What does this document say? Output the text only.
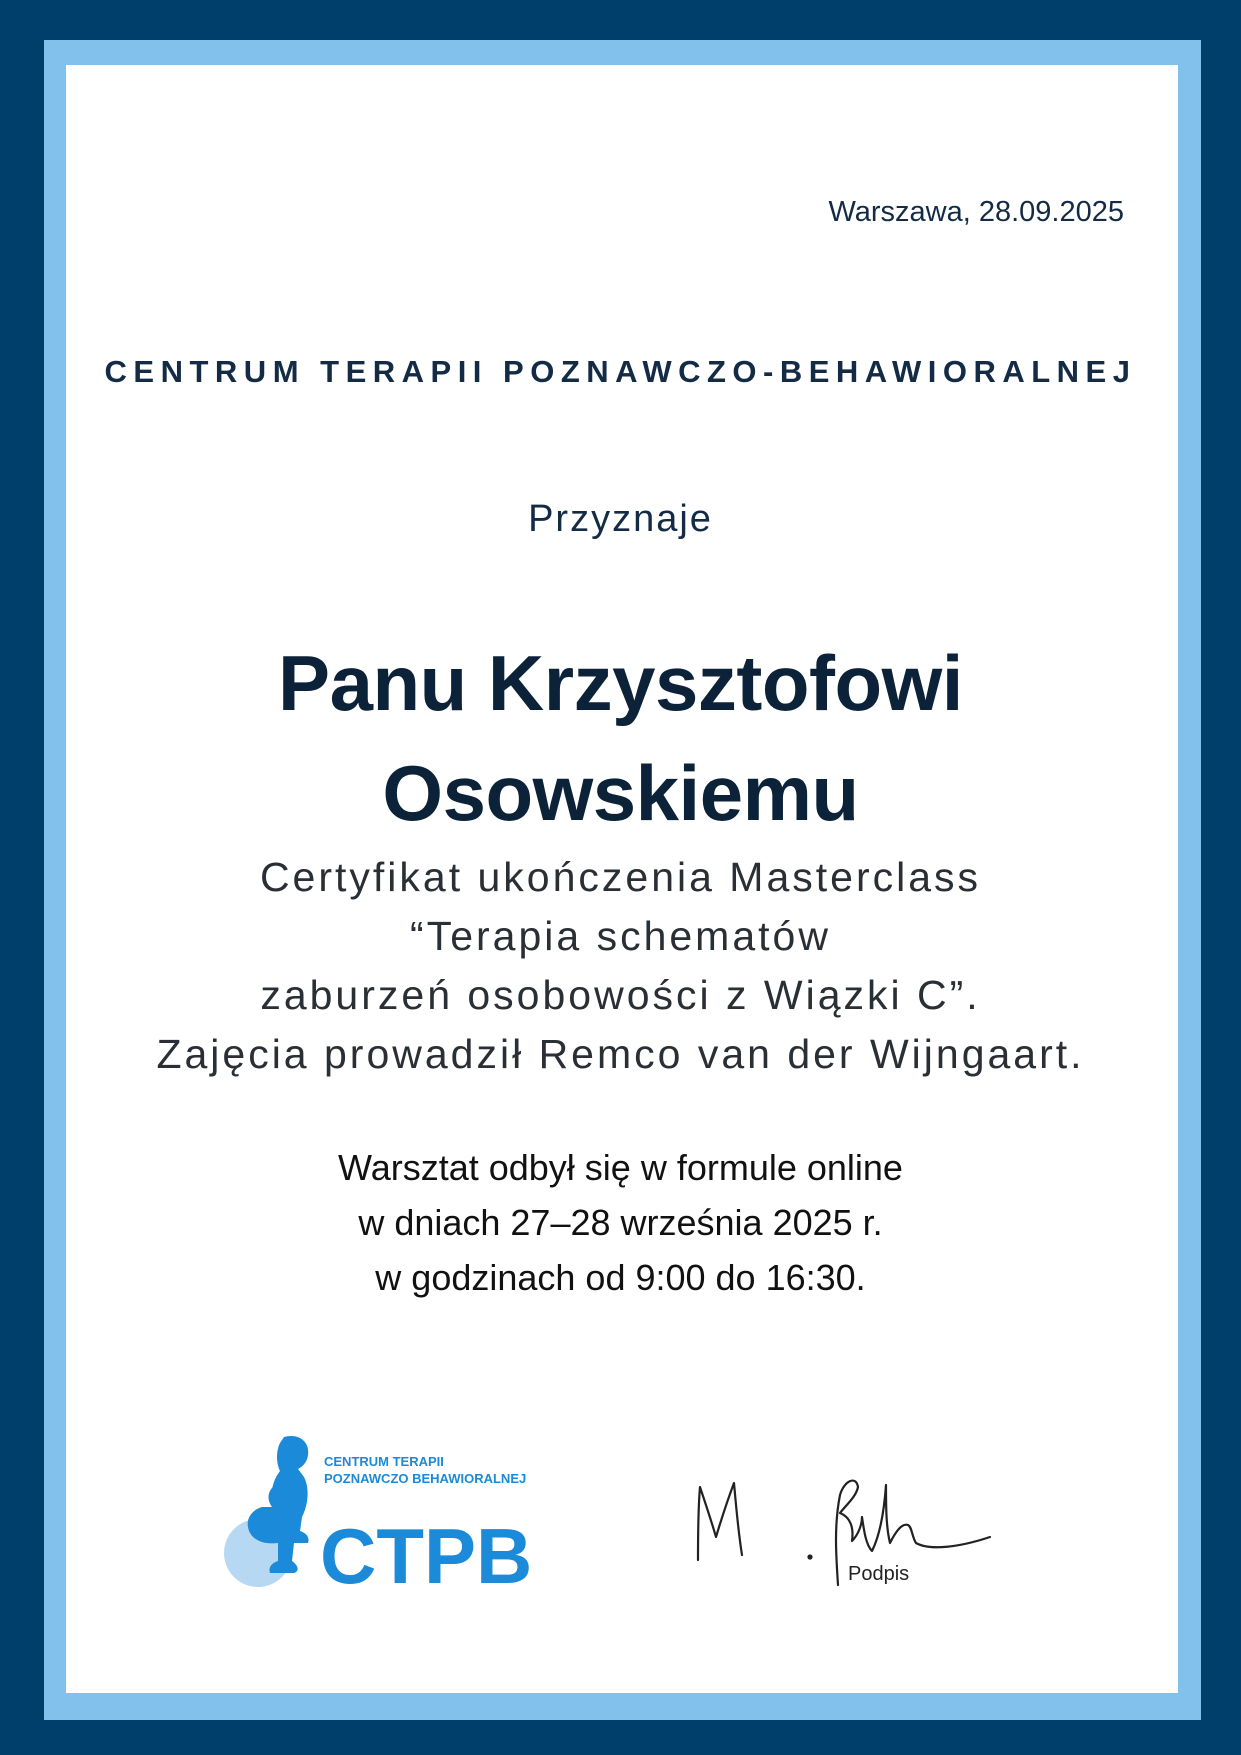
Warszawa, 28.09.2025
CENTRUM TERAPII POZNAWCZO-BEHAWIORALNEJ
Przyznaje
Panu Krzysztofowi
Osowskiemu
Certyfikat ukończenia Masterclass
“Terapia schematów
zaburzeń osobowości z Wiązki C”.
Zajęcia prowadził Remco van der Wijngaart.
Warsztat odbył się w formule online
w dniach 27–28 września 2025 r.
w godzinach od 9:00 do 16:30.
CENTRUM TERAPII
POZNAWCZO BEHAWIORALNEJ
CTPB	Podpis
